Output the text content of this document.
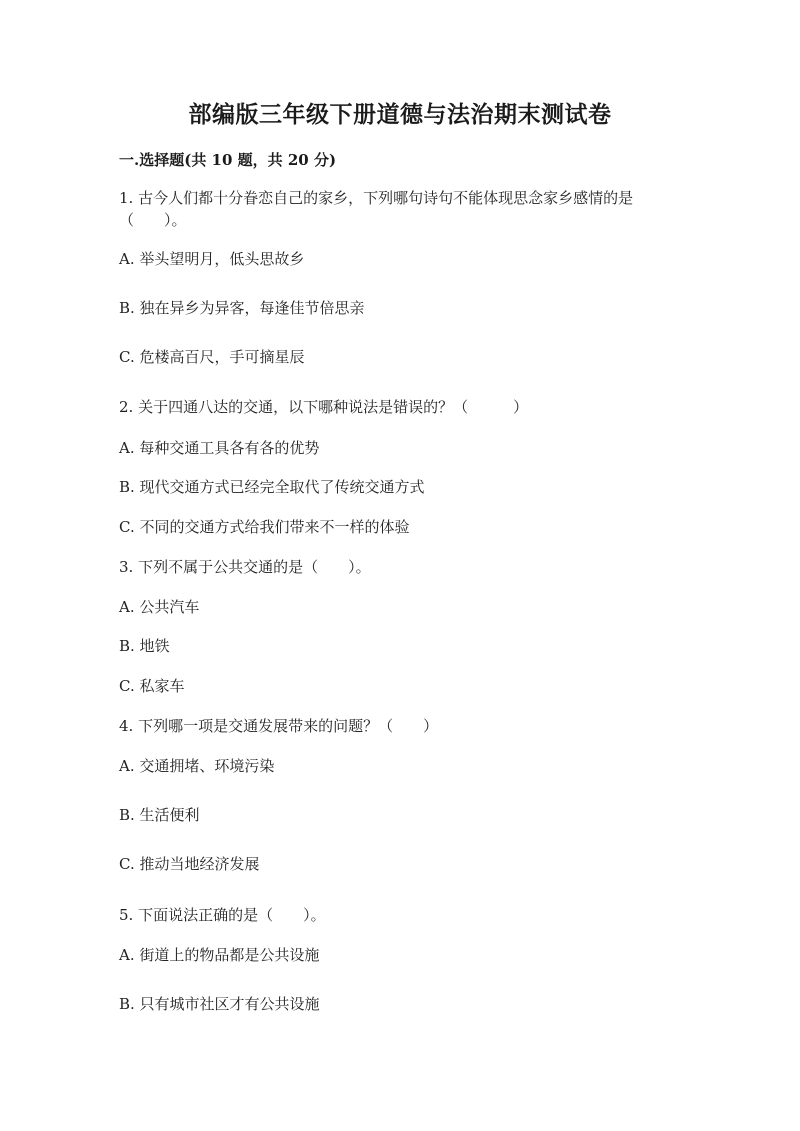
部编版三年级下册道德与法治期末测试卷
一.选择题(共 10 题，共 20 分)
1. 古今人们都十分眷恋自己的家乡，下列哪句诗句不能体现思念家乡感情的是
（　　）。
A. 举头望明月，低头思故乡
B. 独在异乡为异客，每逢佳节倍思亲
C. 危楼高百尺，手可摘星辰
2. 关于四通八达的交通，以下哪种说法是错误的？（　　　）
A. 每种交通工具各有各的优势
B. 现代交通方式已经完全取代了传统交通方式
C. 不同的交通方式给我们带来不一样的体验
3. 下列不属于公共交通的是（　　）。
A. 公共汽车
B. 地铁
C. 私家车
4. 下列哪一项是交通发展带来的问题？（　　）
A. 交通拥堵、环境污染
B. 生活便利
C. 推动当地经济发展
5. 下面说法正确的是（　　）。
A. 街道上的物品都是公共设施
B. 只有城市社区才有公共设施
